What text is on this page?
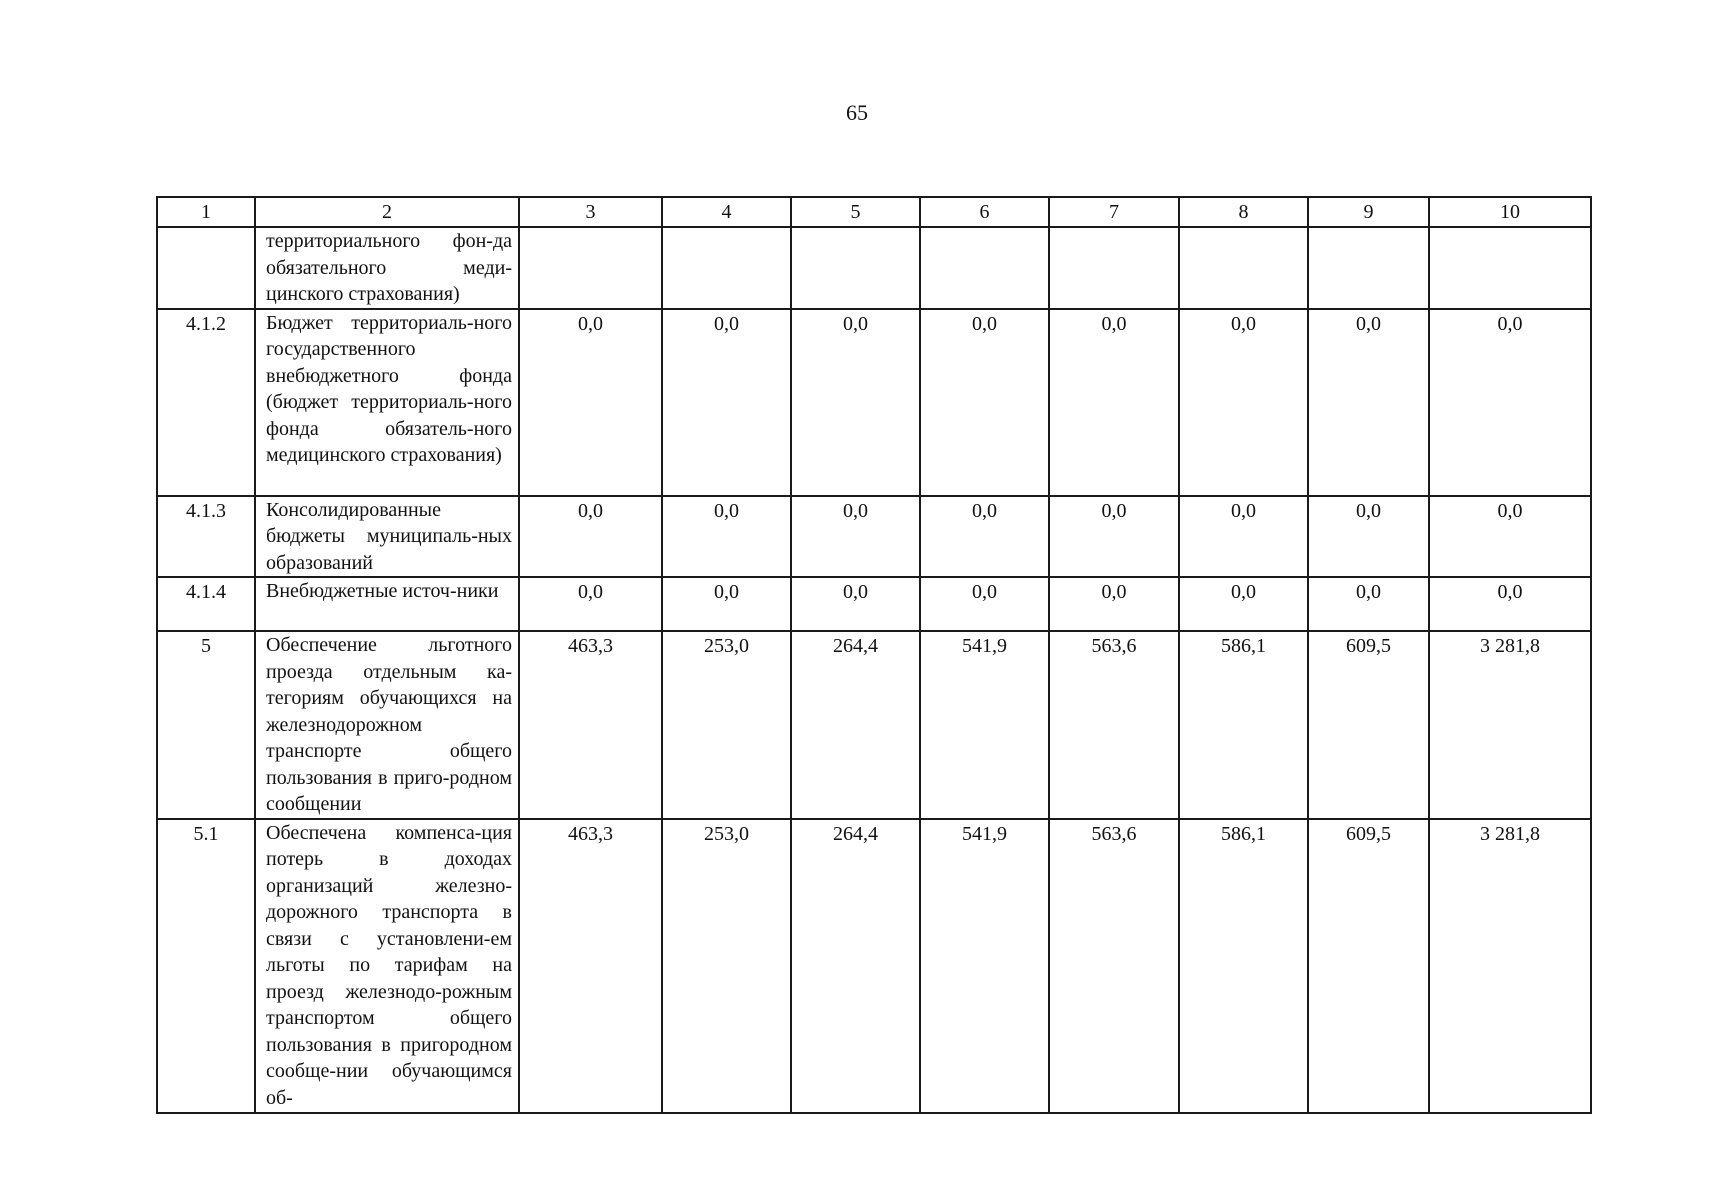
65
1	2	3	4	5	6	7	8	9	10
	территориального фон-да обязательного меди-цинского страхования)								
4.1.2	Бюджет территориаль-ного государственного внебюджетного фонда (бюджет территориаль-ного фонда обязатель-ного медицинского страхования)	0,0	0,0	0,0	0,0	0,0	0,0	0,0	0,0
4.1.3	Консолидированные бюджеты муниципаль-ных образований	0,0	0,0	0,0	0,0	0,0	0,0	0,0	0,0
4.1.4	Внебюджетные источ-ники	0,0	0,0	0,0	0,0	0,0	0,0	0,0	0,0
5	Обеспечение льготного проезда отдельным ка-тегориям обучающихся на железнодорожном транспорте общего пользования в приго-родном сообщении	463,3	253,0	264,4	541,9	563,6	586,1	609,5	3 281,8
5.1	Обеспечена компенса-ция потерь в доходах организаций железно-дорожного транспорта в связи с установлени-ем льготы по тарифам на проезд железнодо-рожным транспортом общего пользования в пригородном сообще-нии обучающимся об-	463,3	253,0	264,4	541,9	563,6	586,1	609,5	3 281,8
